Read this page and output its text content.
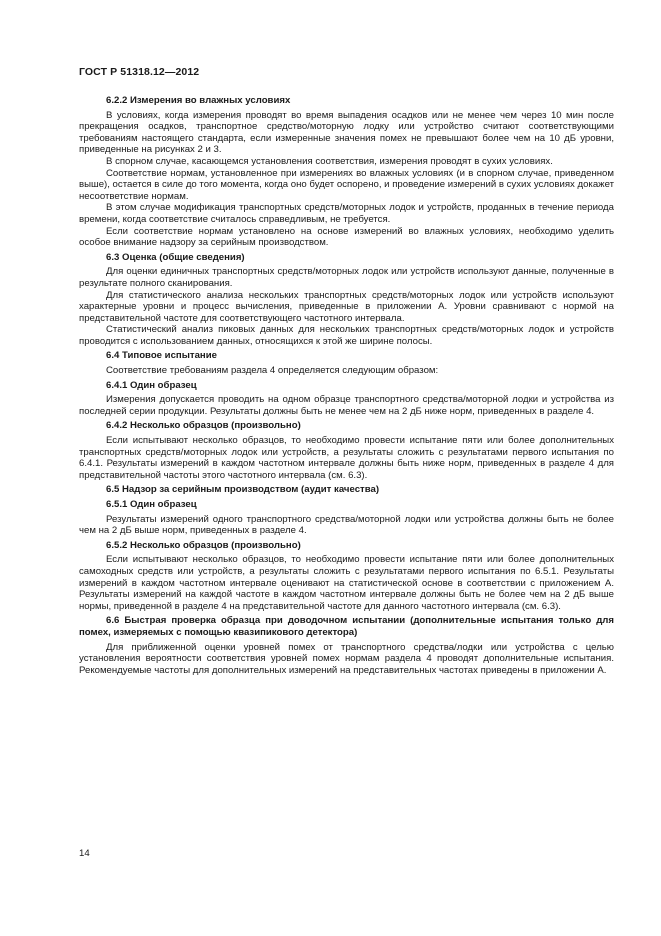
ГОСТ Р 51318.12—2012
6.2.2 Измерения во влажных условиях

В условиях, когда измерения проводят во время выпадения осадков или не менее чем через 10 мин после прекращения осадков, транспортное средство/моторную лодку или устройство считают соответствующими требованиям настоящего стандарта, если измеренные значения помех не превышают более чем на 10 дБ уровни, приведенные на рисунках 2 и 3.

В спорном случае, касающемся установления соответствия, измерения проводят в сухих условиях.

Соответствие нормам, установленное при измерениях во влажных условиях (и в спорном случае, приведенном выше), остается в силе до того момента, когда оно будет оспорено, и проведение измерений в сухих условиях докажет несоответствие нормам.

В этом случае модификация транспортных средств/моторных лодок и устройств, проданных в течение периода времени, когда соответствие считалось справедливым, не требуется.

Если соответствие нормам установлено на основе измерений во влажных условиях, необходимо уделить особое внимание надзору за серийным производством.

6.3 Оценка (общие сведения)

Для оценки единичных транспортных средств/моторных лодок или устройств используют данные, полученные в результате полного сканирования.

Для статистического анализа нескольких транспортных средств/моторных лодок или устройств используют характерные уровни и процесс вычисления, приведенные в приложении А. Уровни сравнивают с нормой на представительной частоте для соответствующего частотного интервала.

Статистический анализ пиковых данных для нескольких транспортных средств/моторных лодок и устройств проводится с использованием данных, относящихся к этой же ширине полосы.

6.4 Типовое испытание

Соответствие требованиям раздела 4 определяется следующим образом:

6.4.1 Один образец

Измерения допускается проводить на одном образце транспортного средства/моторной лодки и устройства из последней серии продукции. Результаты должны быть не менее чем на 2 дБ ниже норм, приведенных в разделе 4.

6.4.2 Несколько образцов (произвольно)

Если испытывают несколько образцов, то необходимо провести испытание пяти или более дополнительных транспортных средств/моторных лодок или устройств, а результаты сложить с результатами первого испытания по 6.4.1. Результаты измерений в каждом частотном интервале должны быть ниже норм, приведенных в разделе 4 для представительной частоты этого частотного интервала (см. 6.3).

6.5 Надзор за серийным производством (аудит качества)
6.5.1 Один образец

Результаты измерений одного транспортного средства/моторной лодки или устройства должны быть не более чем на 2 дБ выше норм, приведенных в разделе 4.

6.5.2 Несколько образцов (произвольно)

Если испытывают несколько образцов, то необходимо провести испытание пяти или более дополнительных самоходных средств или устройств, а результаты сложить с результатами первого испытания по 6.5.1. Результаты измерений в каждом частотном интервале оценивают на статистической основе в соответствии с приложением А. Результаты измерений на каждой частоте в каждом частотном интервале должны быть не более чем на 2 дБ выше нормы, приведенной в разделе 4 на представительной частоте для данного частотного интервала (см. 6.3).

6.6 Быстрая проверка образца при доводочном испытании (дополнительные испытания только для помех, измеряемых с помощью квазипикового детектора)

Для приближенной оценки уровней помех от транспортного средства/лодки или устройства с целью установления вероятности соответствия уровней помех нормам раздела 4 проводят дополнительные испытания. Рекомендуемые частоты для дополнительных измерений на представительных частотах приведены в приложении А.

14
